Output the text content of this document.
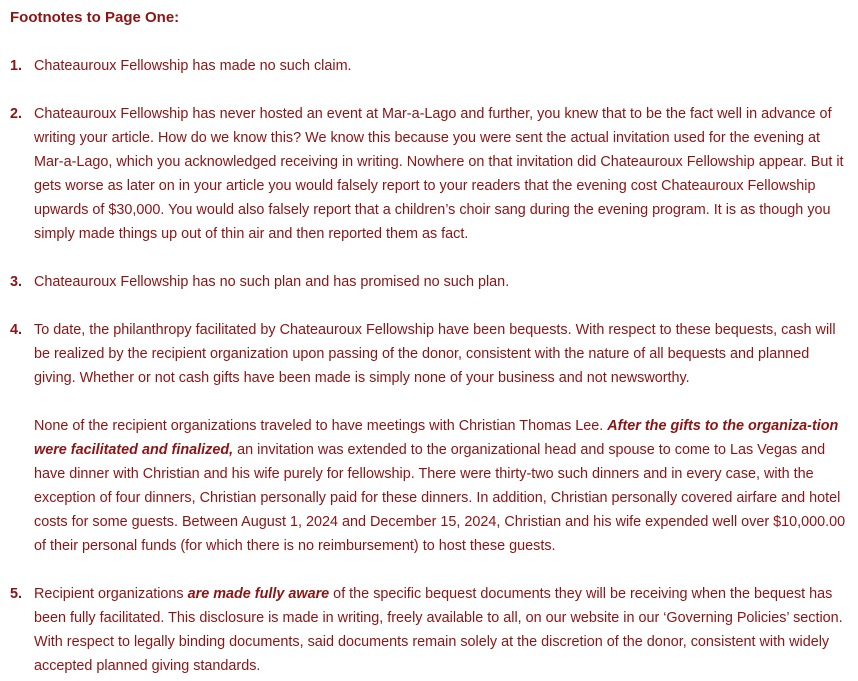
Footnotes to Page One:
1. Chateauroux Fellowship has made no such claim.
2. Chateauroux Fellowship has never hosted an event at Mar-a-Lago and further, you knew that to be the fact well in advance of writing your article. How do we know this? We know this because you were sent the actual invitation used for the evening at Mar-a-Lago, which you acknowledged receiving in writing. Nowhere on that invitation did Chateauroux Fellowship appear. But it gets worse as later on in your article you would falsely report to your readers that the evening cost Chateauroux Fellowship upwards of $30,000. You would also falsely report that a children’s choir sang during the evening program. It is as though you simply made things up out of thin air and then reported them as fact.
3. Chateauroux Fellowship has no such plan and has promised no such plan.
4. To date, the philanthropy facilitated by Chateauroux Fellowship have been bequests. With respect to these bequests, cash will be realized by the recipient organization upon passing of the donor, consistent with the nature of all bequests and planned giving. Whether or not cash gifts have been made is simply none of your business and not newsworthy.
None of the recipient organizations traveled to have meetings with Christian Thomas Lee. After the gifts to the organiza-tion were facilitated and finalized, an invitation was extended to the organizational head and spouse to come to Las Vegas and have dinner with Christian and his wife purely for fellowship. There were thirty-two such dinners and in every case, with the exception of four dinners, Christian personally paid for these dinners. In addition, Christian personally covered airfare and hotel costs for some guests. Between August 1, 2024 and December 15, 2024, Christian and his wife expended well over $10,000.00 of their personal funds (for which there is no reimbursement) to host these guests.
5. Recipient organizations are made fully aware of the specific bequest documents they will be receiving when the bequest has been fully facilitated. This disclosure is made in writing, freely available to all, on our website in our ‘Governing Policies’ section. With respect to legally binding documents, said documents remain solely at the discretion of the donor, consistent with widely accepted planned giving standards.
